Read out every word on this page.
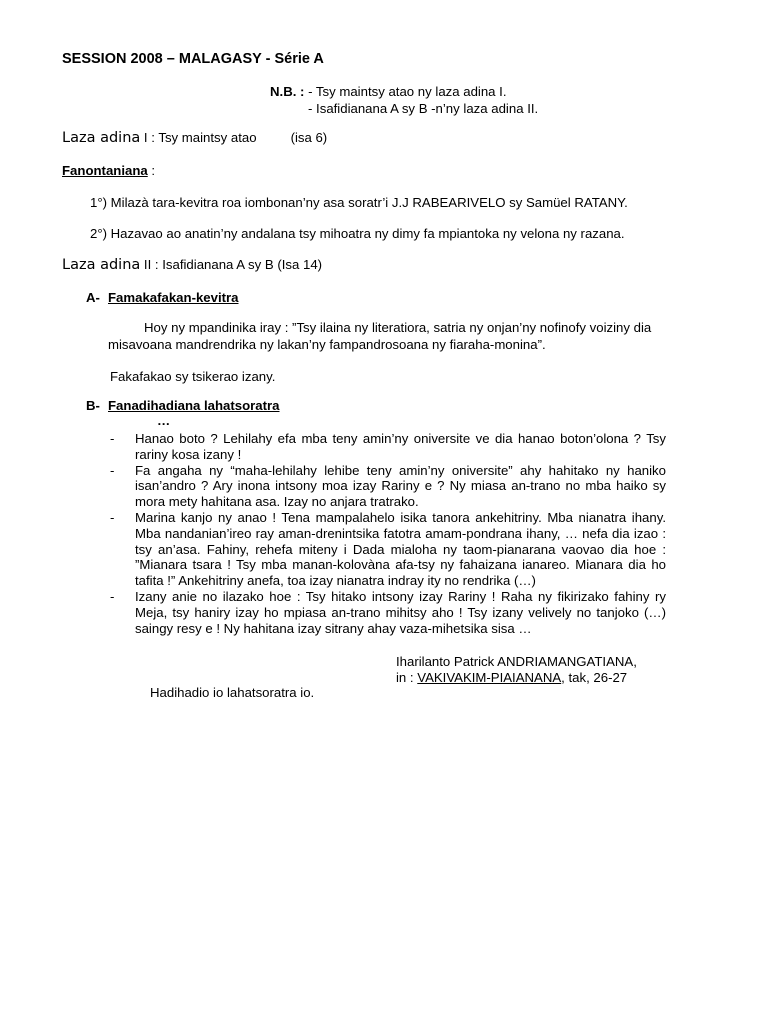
SESSION 2008 – MALAGASY - Série A
N.B. : - Tsy maintsy atao ny laza adina I.
- Isafidianana A sy B -n’ny laza adina II.
Laza adina I : Tsy maintsy atao	(isa 6)
Fanontaniana :
1°) Milazà tara-kevitra roa iombonan’ny asa soratr’i J.J RABEARIVELO sy Samüel RATANY.
2°) Hazavao ao anatin’ny andalana tsy mihoatra ny dimy fa mpiantoka ny velona ny razana.
Laza adina II : Isafidianana A sy B (Isa 14)
A- Famakafakan-kevitra
Hoy ny mpandinika iray : ”Tsy ilaina ny literatiora, satria ny onjan’ny nofinofy voiziny dia misavoana mandrendrika ny lakan’ny fampandrosoana ny fiaraha-monina”.
Fakafakao sy tsikerao izany.
B- Fanadihadiana lahatsoratra
…
- Hanao boto ? Lehilahy efa mba teny amin’ny oniversite ve dia hanao boton’olona ? Tsy rariny kosa izany !
- Fa angaha ny “maha-lehilahy lehibe teny amin’ny oniversite” ahy hahitako ny haniko isan’andro ? Ary inona intsony moa izay Rariny e ? Ny miasa an-trano no mba haiko sy mora mety hahitana asa. Izay no anjara tratrako.
- Marina kanjo ny anao ! Tena mampalahelo isika tanora ankehitriny. Mba nianatra ihany. Mba nandanian’ireo ray aman-drenintsika fatotra amam-pondrana ihany, … nefa dia izao : tsy an’asa. Fahiny, rehefa miteny i Dada mialoha ny taom-pianarana vaovao dia hoe : ”Mianara tsara ! Tsy mba manan-kolovàna afa-tsy ny fahaizana ianareo. Mianara dia ho tafita !” Ankehitriny anefa, toa izay nianatra indray ity no rendrika (…)
- Izany anie no ilazako hoe : Tsy hitako intsony izay Rariny ! Raha ny fikirizako fahiny ry Meja, tsy haniry izay ho mpiasa an-trano mihitsy aho ! Tsy izany velively no tanjoko (…) saingy resy e ! Ny hahitana izay sitrany ahay vaza-mihetsika sisa …
Iharilanto Patrick ANDRIAMANGATIANA,
in : VAKIVAKIM-PIAIANANA, tak, 26-27
Hadihadio io lahatsoratra io.
